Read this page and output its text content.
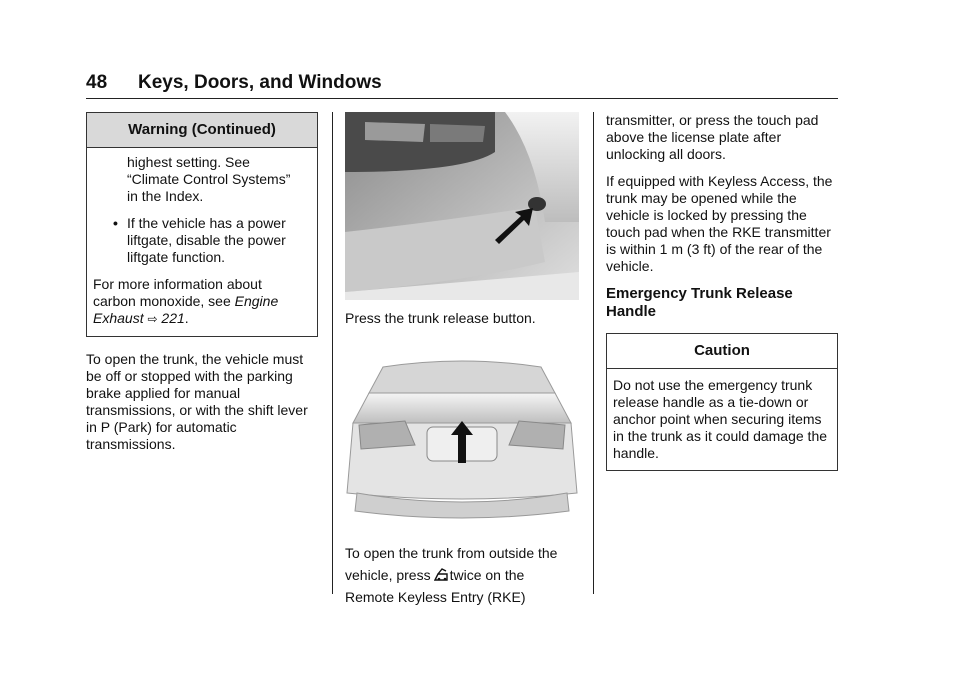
48 Keys, Doors, and Windows
Warning (Continued)
highest setting. See
“Climate Control Systems”
in the Index.
• If the vehicle has a power
liftgate, disable the power
liftgate function.
For more information about
carbon monoxide, see Engine
Exhaust ⇨ 221.

To open the trunk, the vehicle must be off or stopped with the parking brake applied for manual transmissions, or with the shift lever in P (Park) for automatic transmissions.

Press the trunk release button.

To open the trunk from outside the
vehicle, press twice on the
Remote Keyless Entry (RKE)

transmitter, or press the touch pad above the license plate after unlocking all doors.

If equipped with Keyless Access, the trunk may be opened while the vehicle is locked by pressing the touch pad when the RKE transmitter is within 1 m (3 ft) of the rear of the vehicle.

Emergency Trunk Release Handle
Caution
Do not use the emergency trunk release handle as a tie-down or anchor point when securing items in the trunk as it could damage the handle.
